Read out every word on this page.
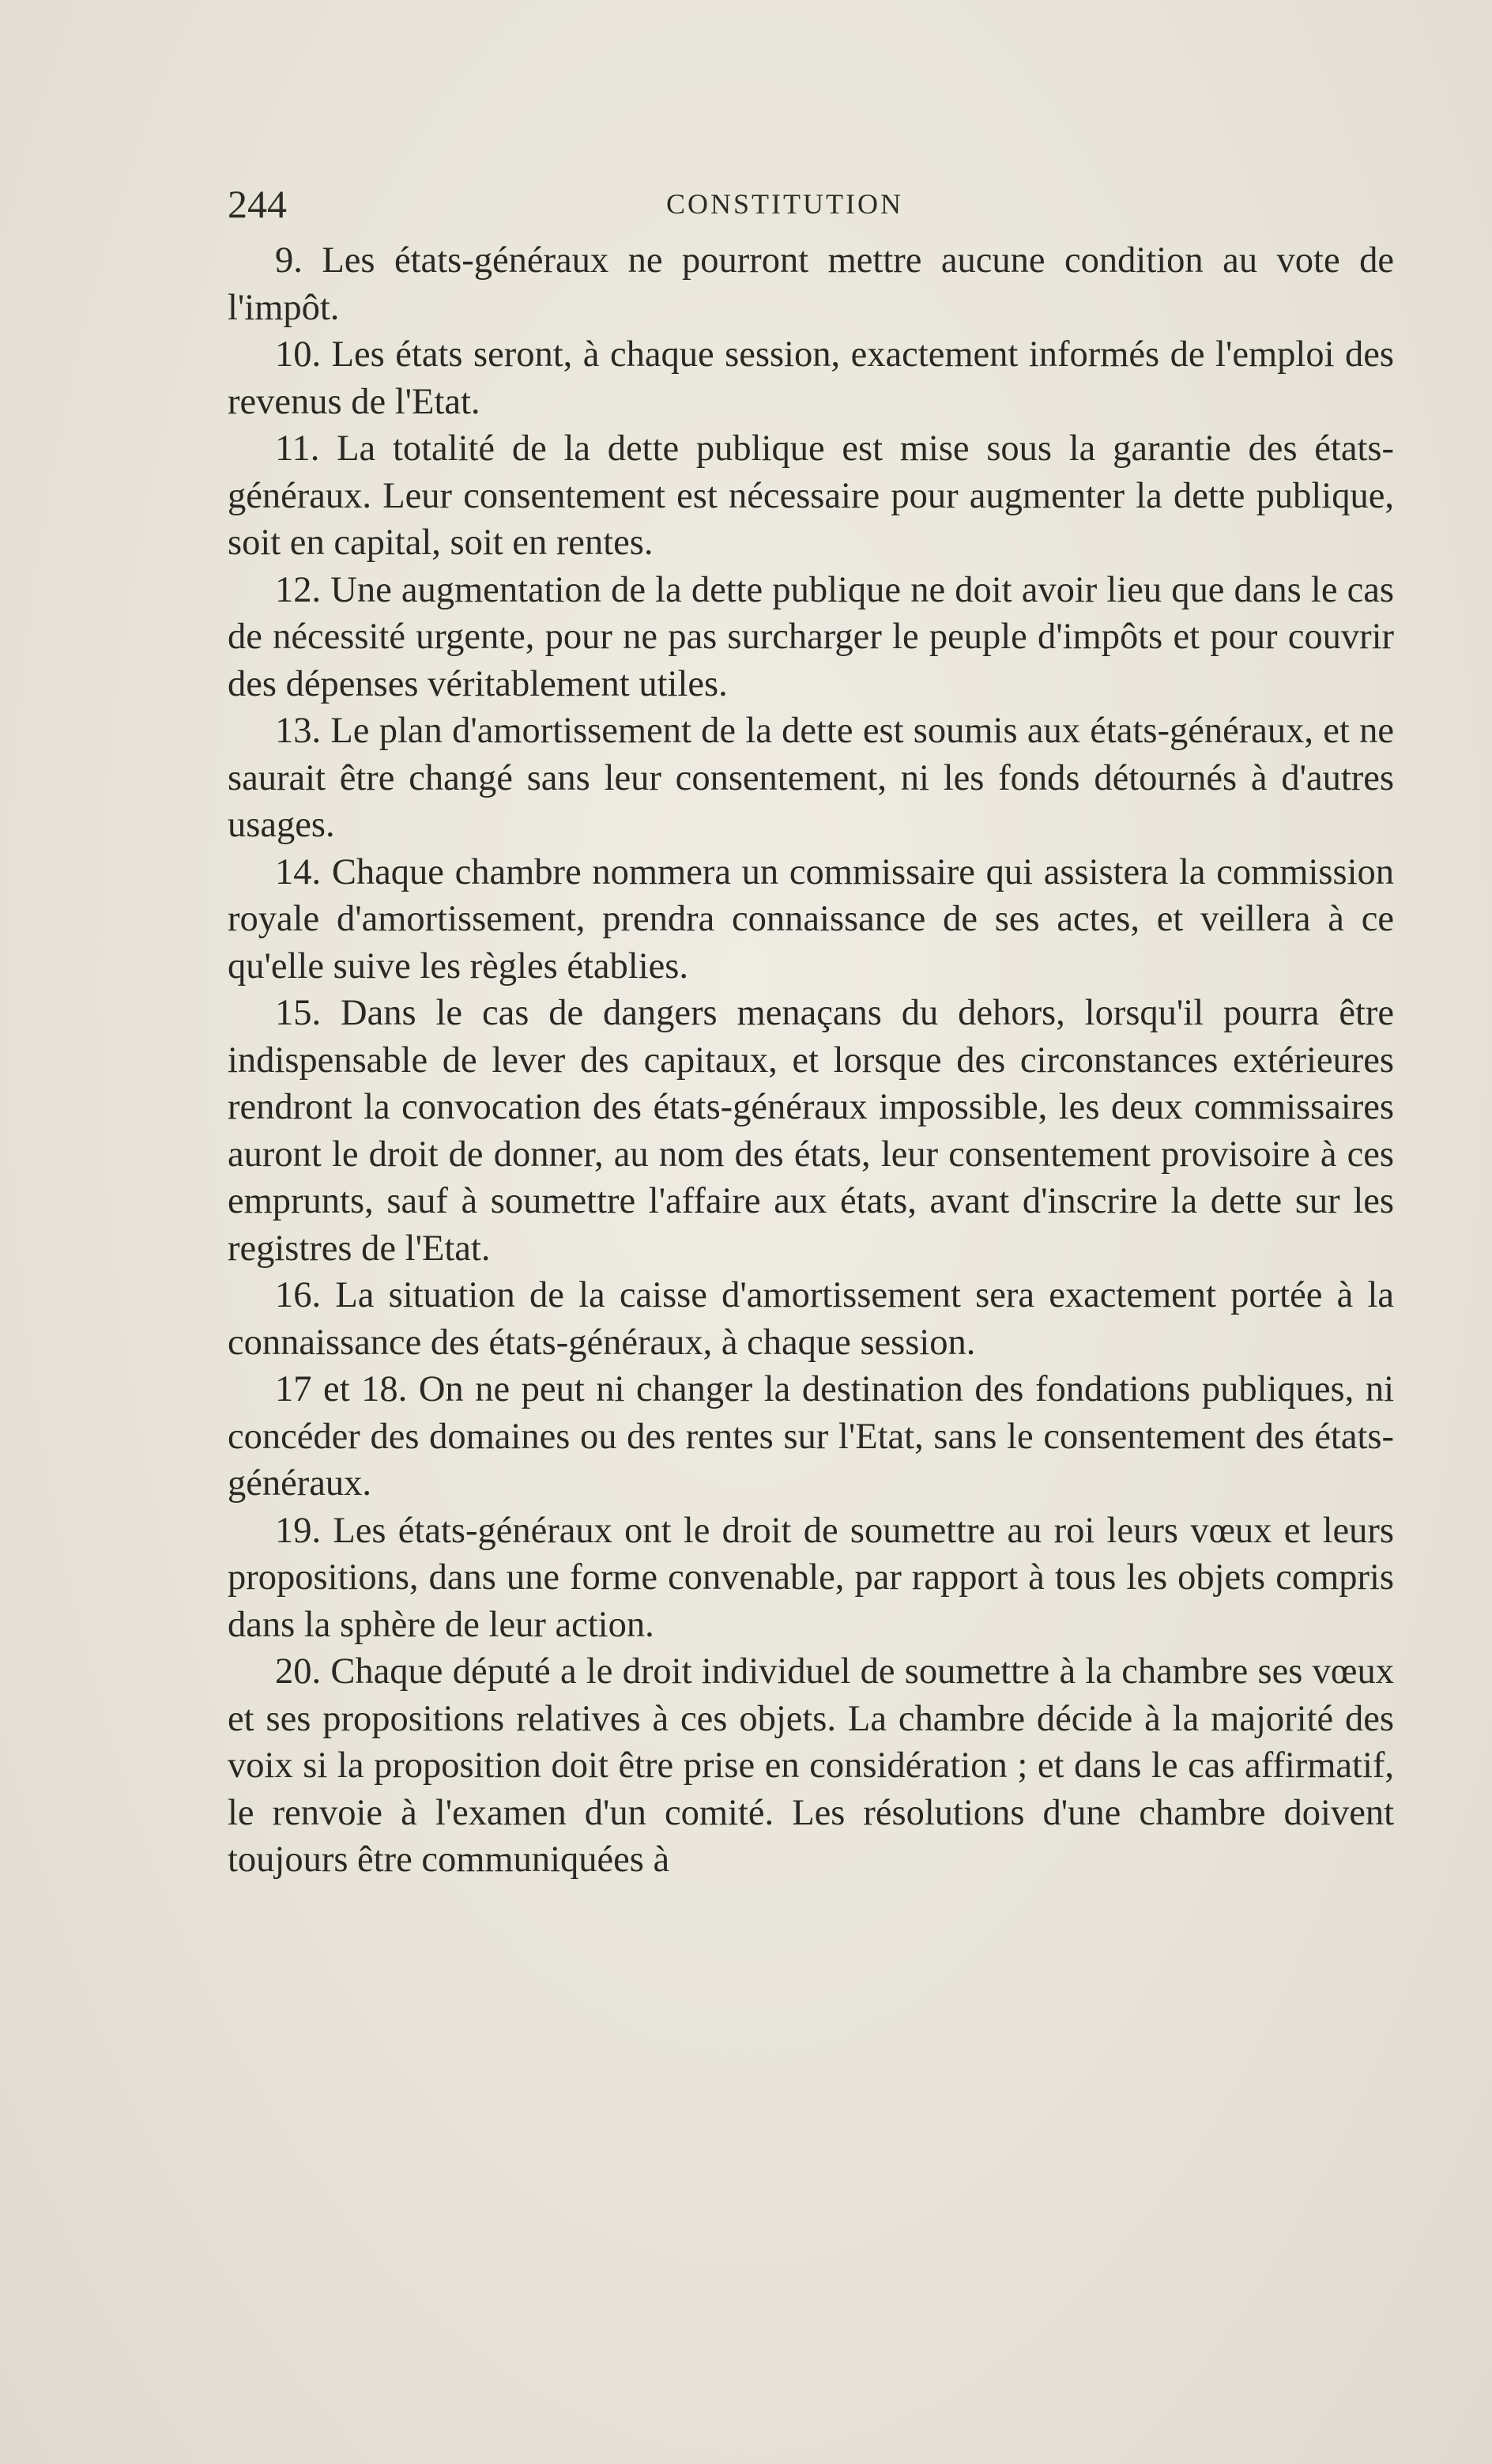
244	CONSTITUTION

9. Les états-généraux ne pourront mettre aucune condition au vote de l'impôt.

10. Les états seront, à chaque session, exactement informés de l'emploi des revenus de l'Etat.

11. La totalité de la dette publique est mise sous la garantie des états-généraux. Leur consentement est nécessaire pour augmenter la dette publique, soit en capital, soit en rentes.

12. Une augmentation de la dette publique ne doit avoir lieu que dans le cas de nécessité urgente, pour ne pas surcharger le peuple d'impôts et pour couvrir des dépenses véritablement utiles.

13. Le plan d'amortissement de la dette est soumis aux états-généraux, et ne saurait être changé sans leur consentement, ni les fonds détournés à d'autres usages.

14. Chaque chambre nommera un commissaire qui assistera la commission royale d'amortissement, prendra connaissance de ses actes, et veillera à ce qu'elle suive les règles établies.

15. Dans le cas de dangers menaçans du dehors, lorsqu'il pourra être indispensable de lever des capitaux, et lorsque des circonstances extérieures rendront la convocation des états-généraux impossible, les deux commissaires auront le droit de donner, au nom des états, leur consentement provisoire à ces emprunts, sauf à soumettre l'affaire aux états, avant d'inscrire la dette sur les registres de l'Etat.

16. La situation de la caisse d'amortissement sera exactement portée à la connaissance des états-généraux, à chaque session.

17 et 18. On ne peut ni changer la destination des fondations publiques, ni concéder des domaines ou des rentes sur l'Etat, sans le consentement des états-généraux.

19. Les états-généraux ont le droit de soumettre au roi leurs vœux et leurs propositions, dans une forme convenable, par rapport à tous les objets compris dans la sphère de leur action.

20. Chaque député a le droit individuel de soumettre à la chambre ses vœux et ses propositions relatives à ces objets. La chambre décide à la majorité des voix si la proposition doit être prise en considération ; et dans le cas affirmatif, le renvoie à l'examen d'un comité. Les résolutions d'une chambre doivent toujours être communiquées à
